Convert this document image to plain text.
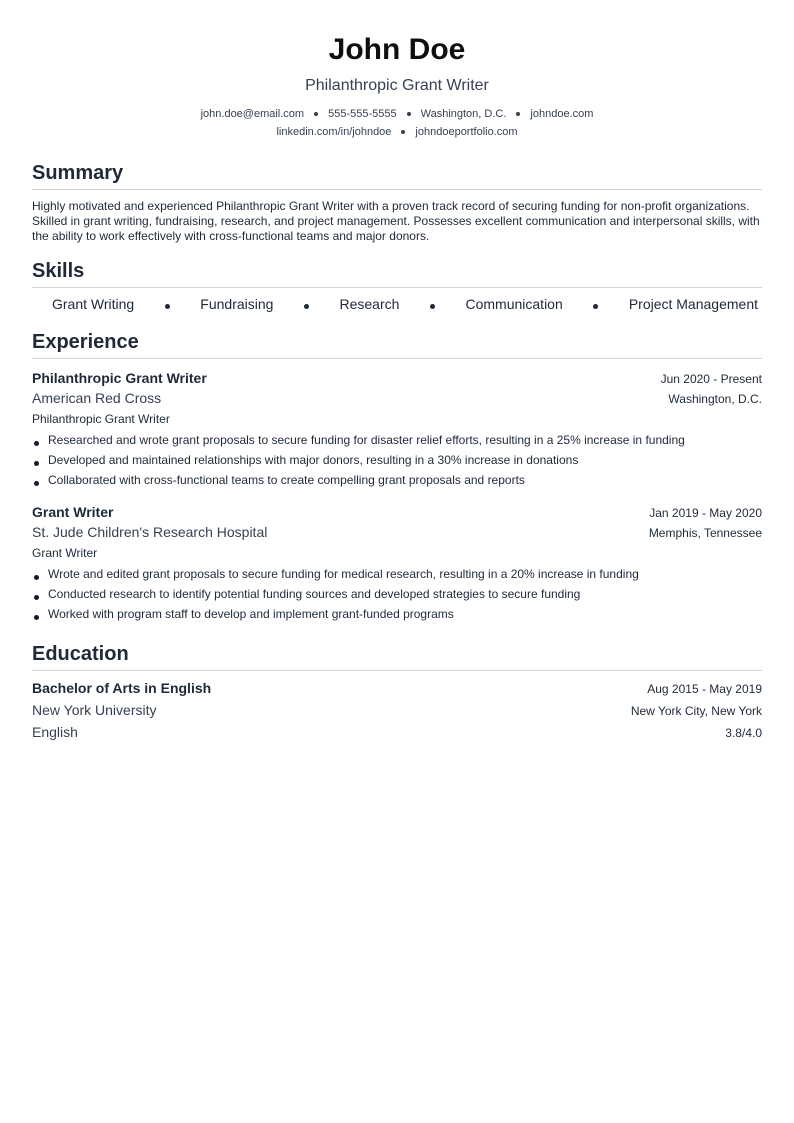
John Doe
Philanthropic Grant Writer
john.doe@email.com 555-555-5555 Washington, D.C. johndoe.com
linkedin.com/in/johndoe johndoeportfolio.com
Summary
Highly motivated and experienced Philanthropic Grant Writer with a proven track record of securing funding for non-profit organizations. Skilled in grant writing, fundraising, research, and project management. Possesses excellent communication and interpersonal skills, with the ability to work effectively with cross-functional teams and major donors.
Skills
Grant Writing	Fundraising	Research	Communication	Project Management
Experience
Philanthropic Grant Writer	Jun 2020 - Present
American Red Cross	Washington, D.C.
Philanthropic Grant Writer
Researched and wrote grant proposals to secure funding for disaster relief efforts, resulting in a 25% increase in funding
Developed and maintained relationships with major donors, resulting in a 30% increase in donations
Collaborated with cross-functional teams to create compelling grant proposals and reports
Grant Writer	Jan 2019 - May 2020
St. Jude Children's Research Hospital	Memphis, Tennessee
Grant Writer
Wrote and edited grant proposals to secure funding for medical research, resulting in a 20% increase in funding
Conducted research to identify potential funding sources and developed strategies to secure funding
Worked with program staff to develop and implement grant-funded programs
Education
Bachelor of Arts in English	Aug 2015 - May 2019
New York University	New York City, New York
English	3.8/4.0
